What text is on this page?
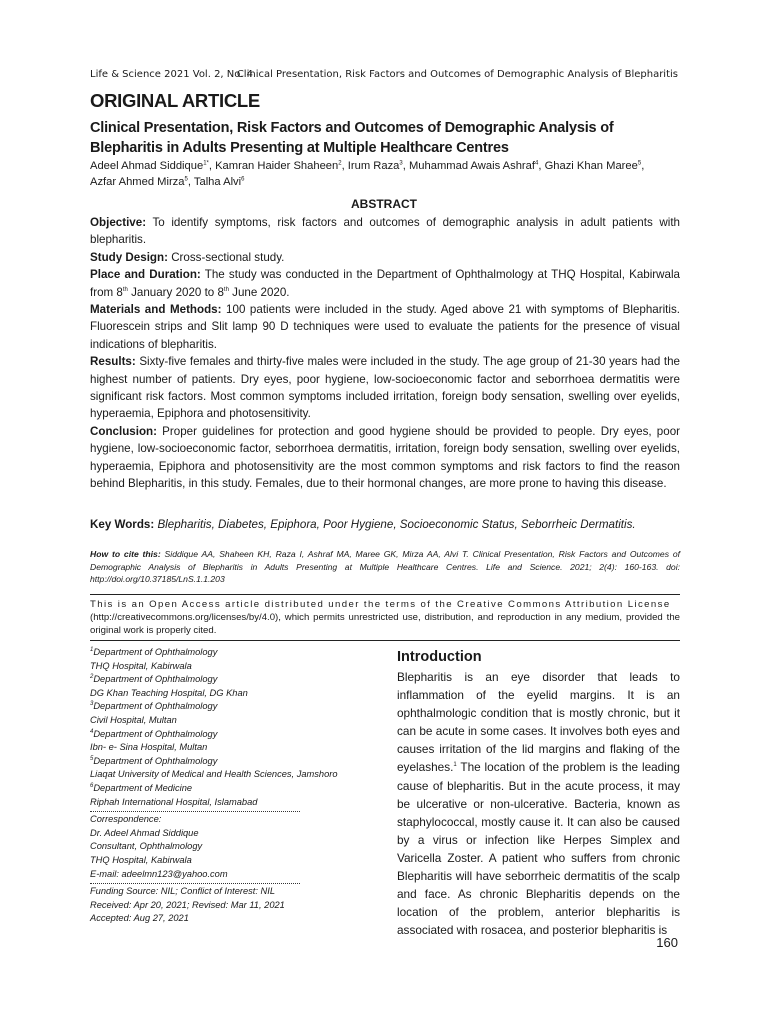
Life & Science 2021 Vol. 2, No. 4
Clinical Presentation, Risk Factors and Outcomes of Demographic Analysis of Blepharitis
ORIGINAL ARTICLE
Clinical Presentation, Risk Factors and Outcomes of Demographic Analysis of Blepharitis in Adults Presenting at Multiple Healthcare Centres
Adeel Ahmad Siddique$^{1*}$, Kamran Haider Shaheen$^2$, Irum Raza$^3$, Muhammad Awais Ashraf$^4$, Ghazi Khan Maree$^5$,
Azfar Ahmed Mirza$^5$, Talha Alvi$^6$
ABSTRACT

Objective: To identify symptoms, risk factors and outcomes of demographic analysis in adult patients with blepharitis.

Study Design: Cross-sectional study.

Place and Duration: The study was conducted in the Department of Ophthalmology at THQ Hospital, Kabirwala from 8th January 2020 to 8th June 2020.

Materials and Methods: 100 patients were included in the study. Aged above 21 with symptoms of Blepharitis. Fluorescein strips and Slit lamp 90 D techniques were used to evaluate the patients for the presence of visual indications of blepharitis.

Results: Sixty-five females and thirty-five males were included in the study. The age group of 21-30 years had the highest number of patients. Dry eyes, poor hygiene, low-socioeconomic factor and seborrhoea dermatitis were significant risk factors. Most common symptoms included irritation, foreign body sensation, swelling over eyelids, hyperaemia, Epiphora and photosensitivity.

Conclusion: Proper guidelines for protection and good hygiene should be provided to people. Dry eyes, poor hygiene, low-socioeconomic factor, seborrhoea dermatitis, irritation, foreign body sensation, swelling over eyelids, hyperaemia, Epiphora and photosensitivity are the most common symptoms and risk factors to find the reason behind Blepharitis, in this study. Females, due to their hormonal changes, are more prone to having this disease.

Key Words: Blepharitis, Diabetes, Epiphora, Poor Hygiene, Socioeconomic Status, Seborrheic Dermatitis.
How to cite this: Siddique AA, Shaheen KH, Raza I, Ashraf MA, Maree GK, Mirza AA, Alvi T. Clinical Presentation, Risk Factors and Outcomes of Demographic Analysis of Blepharitis in Adults Presenting at Multiple Healthcare Centres. Life and Science. 2021; 2(4): 160-163. doi: http://doi.org/10.37185/LnS.1.1.203
This is an Open Access article distributed under the terms of the Creative Commons Attribution License
(http://creativecommons.org/licenses/by/4.0), which permits unrestricted use, distribution, and reproduction in any medium, provided the original work is properly cited.
$^1$Department of Ophthalmology
THQ Hospital, Kabirwala
$^2$Department of Ophthalmology
DG Khan Teaching Hospital, DG Khan
$^3$Department of Ophthalmology
Civil Hospital, Multan
$^4$Department of Ophthalmology
Ibn- e- Sina Hospital, Multan
$^5$Department of Ophthalmology
Liaqat University of Medical and Health Sciences, Jamshoro
$^6$Department of Medicine
Riphah International Hospital, Islamabad
Correspondence:
Dr. Adeel Ahmad Siddique
Consultant, Ophthalmology
THQ Hospital, Kabirwala
E-mail: adeelmn123@yahoo.com
Funding Source: NIL; Conflict of Interest: NIL
Received: Apr 20, 2021; Revised: Mar 11, 2021
Accepted: Aug 27, 2021
Introduction
Blepharitis is an eye disorder that leads to inflammation of the eyelid margins. It is an ophthalmologic condition that is mostly chronic, but it can be acute in some cases. It involves both eyes and causes irritation of the lid margins and flaking of the eyelashes.$^1$ The location of the problem is the leading cause of blepharitis. But in the acute process, it may be ulcerative or non-ulcerative. Bacteria, known as staphylococcal, mostly cause it. It can also be caused by a virus or infection like Herpes Simplex and Varicella Zoster. A patient who suffers from chronic Blepharitis will have seborrheic dermatitis of the scalp and face. As chronic Blepharitis depends on the location of the problem, anterior blepharitis is associated with rosacea, and posterior blepharitis is
160
